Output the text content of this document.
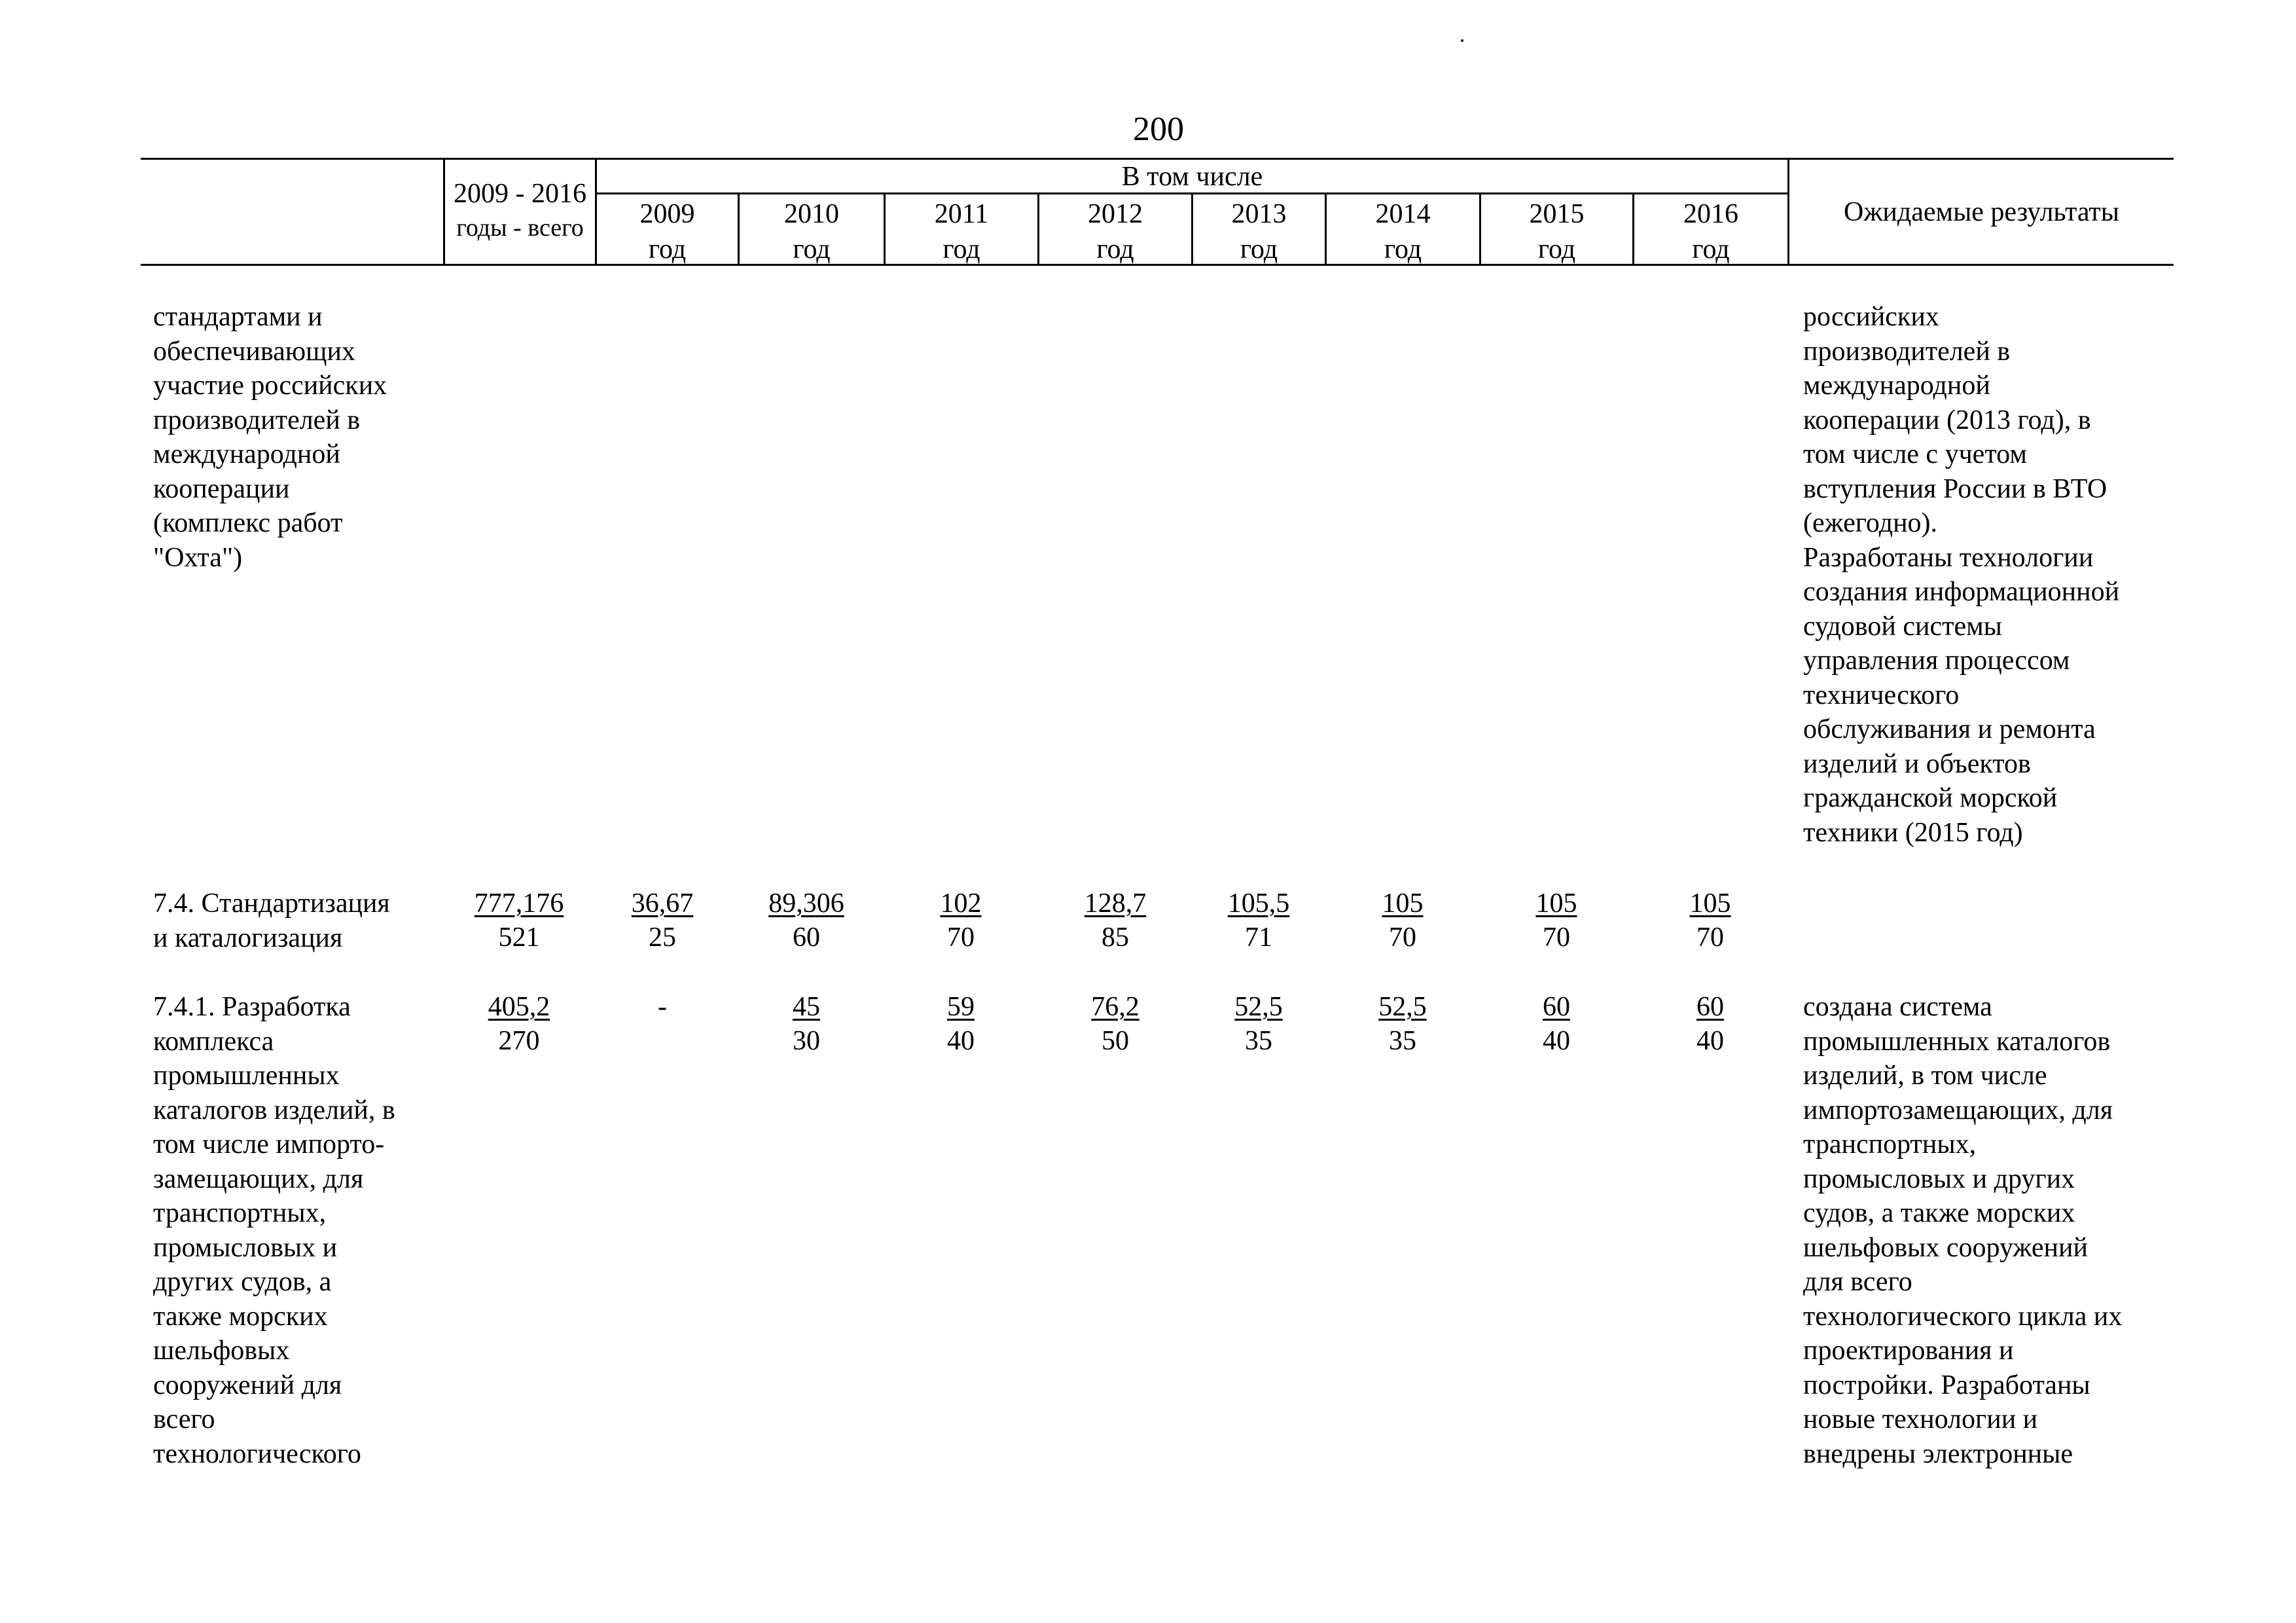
200
2009 - 2016
годы - всего
В том числе
2009
год
2010
год
2011
год
2012
год
2013
год
2014
год
2015
год
2016
год
Ожидаемые результаты
стандартами и
обеспечивающих
участие российских
производителей в
международной
кооперации
(комплекс работ
"Охта")
российских
производителей в
международной
кооперации (2013 год), в
том числе с учетом
вступления России в ВТО
(ежегодно).
Разработаны технологии
создания информационной
судовой системы
управления процессом
технического
обслуживания и ремонта
изделий и объектов
гражданской морской
техники (2015 год)
7.4. Стандартизация
и каталогизация
777,176
521
36,67
25
89,306
60
102
70
128,7
85
105,5
71
105
70
105
70
105
70
7.4.1. Разработка
комплекса
промышленных
каталогов изделий, в
том числе импорто-
замещающих, для
транспортных,
промысловых и
других судов, а
также морских
шельфовых
сооружений для
всего
технологического
405,2
270
-	45
30
59
40
76,2
50
52,5
35
52,5
35
60
40
60
40
создана система
промышленных каталогов
изделий, в том числе
импортозамещающих, для
транспортных,
промысловых и других
судов, а также морских
шельфовых сооружений
для всего
технологического цикла их
проектирования и
постройки. Разработаны
новые технологии и
внедрены электронные
